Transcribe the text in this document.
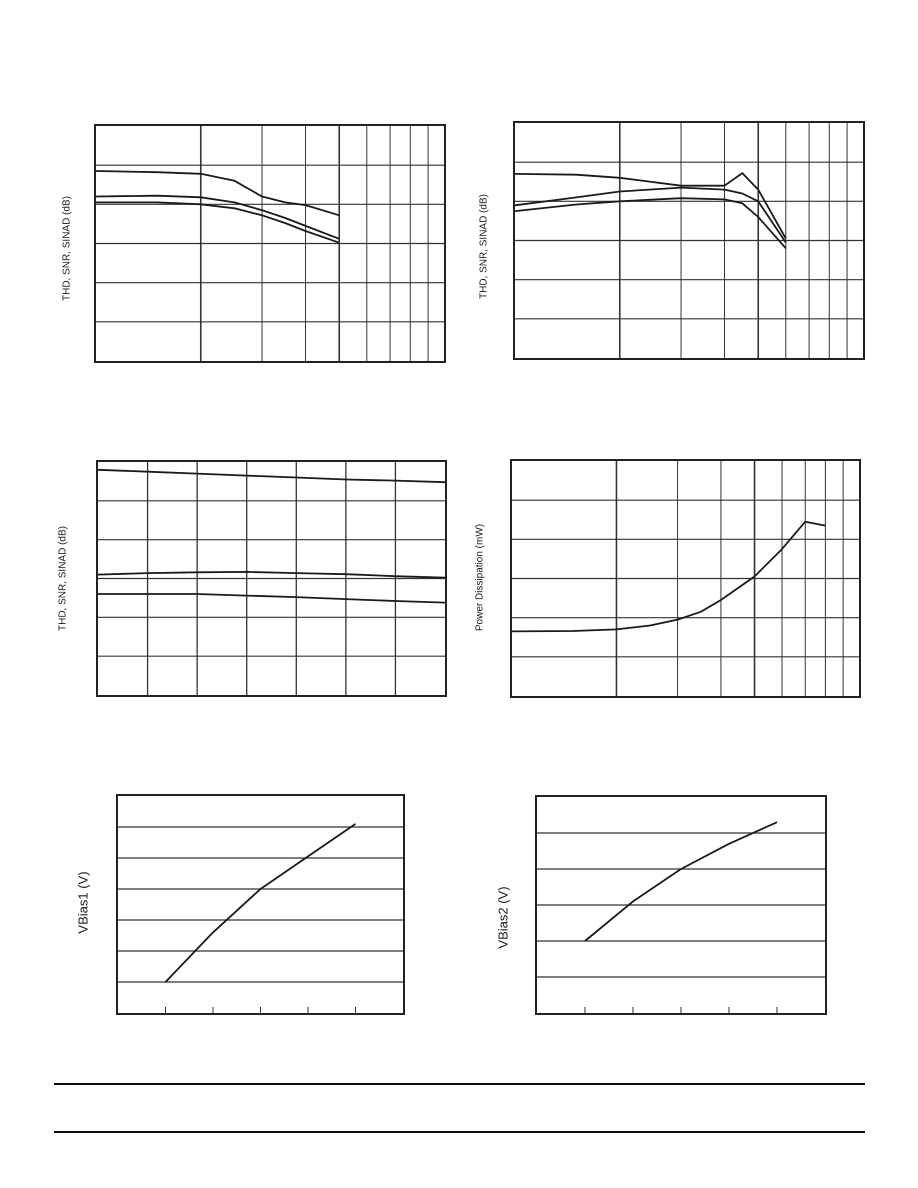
THD, SNR, SINAD (dB)	THD, SNR, SINAD (dB)
THD, SNR, SINAD (dB)	Power Dissipation (mW)
VBias1 (V)	VBias2 (V)
